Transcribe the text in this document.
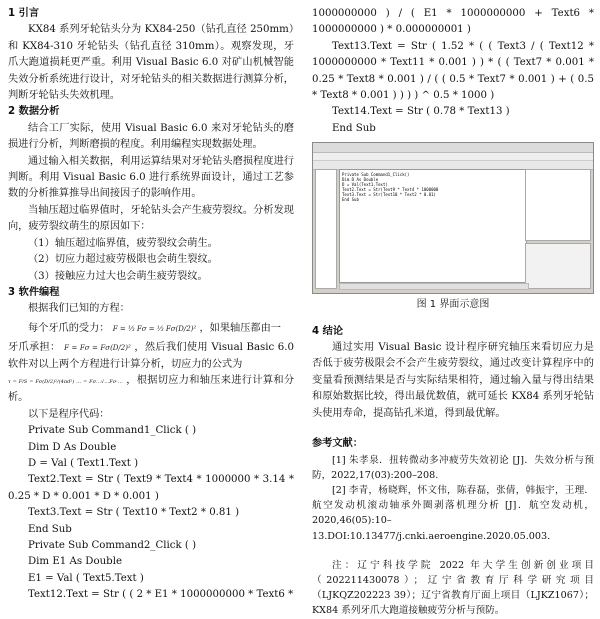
1 引言
KX84 系列牙轮钻头分为 KX84-250（钻孔直径 250mm）和 KX84-310 牙轮钻头（钻孔直径 310mm）。观察发现，牙爪大跑道损耗更严重。利用 Visual Basic 6.0 对矿山机械智能失效分析系统进行设计，对牙轮钻头的相关数据进行测算分析，判断牙轮钻头失效机理。
2 数据分析
结合工厂实际，使用 Visual Basic 6.0 来对牙轮钻头的磨损进行分析，判断磨损的程度。利用编程实现数据处理。
通过输入相关数据，利用运算结果对牙轮钻头磨损程度进行判断。利用 Visual Basic 6.0 进行系统界面设计，通过工艺参数的分析推算推导出间接因子的影响作用。
当轴压超过临界值时，牙轮钻头会产生疲劳裂纹。分析发现向，疲劳裂纹萌生的原因如下：
（1）轴压超过临界值，疲劳裂纹会萌生。
（2）切应力超过疲劳极限也会萌生裂纹。
（3）接触应力过大也会萌生疲劳裂纹。
3 软件编程
根据我们已知的方程：
每个牙爪的受力： F = ⅓ Fσ = ⅓ Fσ(D/2)² ，如果轴压都由一
牙爪承担： F = Fσ = Fσ(D/2)² ，然后我们使用 Visual Basic 6.0 软件对以上两个方程进行计算分析，切应力的公式为
τ = F/S = Fσ(D/2)²/(4πd²) … = Fσ…√…Fσ·… ，根据切应力和轴压来进行计算和分析。
以下是程序代码：
Private Sub Command1_Click ( )
Dim D As Double
D = Val ( Text1.Text )
Text2.Text = Str ( Text9 * Text4 * 1000000 * 3.14 * 0.25 * D * 0.001 * D * 0.001 )
Text3.Text = Str ( Text10 * Text2 * 0.81 )
End Sub
Private Sub Command2_Click ( )
Dim E1 As Double
E1 = Val ( Text5.Text )
Text12.Text = Str ( ( 2 * E1 * 1000000000 * Text6 *
1000000000 ) / ( E1 * 1000000000 + Text6 * 1000000000 ) * 0.000000001 )
Text13.Text = Str ( 1.52 * ( ( Text3 / ( Text12 * 1000000000 * Text11 * 0.001 ) ) * ( ( Text7 * 0.001 * 0.25 * Text8 * 0.001 ) / ( ( 0.5 * Text7 * 0.001 ) + ( 0.5 * Text8 * 0.001 ) ) ) ) ^ 0.5 * 1000 )
Text14.Text = Str ( 0.78 * Text13 )
End Sub
Private Sub Command1_Click()
Dim D As Double
D = Val(Text1.Text)
Text2.Text = Str(Text9 * Text4 * 1000000
Text3.Text = Str(Text10 * Text2 * 0.81)
End Sub
图 1 界面示意图
4 结论
通过实用 Visual Basic 设计程序研究轴压来看切应力是否低于疲劳极限会不会产生疲劳裂纹，通过改变计算程序中的变量看预测结果是否与实际结果相符，通过输入量与得出结果和原始数据比较，得出最优数值，就可延长 KX84 系列牙轮钻头使用寿命，提高钻孔米道，得到最优解。
参考文献：
[1] 朱孝泉．扭转微动多冲疲劳失效初论 [J]．失效分析与预防，2022,17(03):200–208.
[2] 李青，杨晓辉，怀文伟，陈春磊，张倩，韩振宇，王理．航空发动机滚动轴承外圈剥落机理分析 [J]．航空发动机，2020,46(05):10–13.DOI:10.13477/j.cnki.aeroengine.2020.05.003.
注：辽宁科技学院 2022 年大学生创新创业项目（202211430078）；辽宁省教育厅科学研究项目（LJKQZ202223 39）；辽宁省教育厅面上项目（LJKZ1067）；KX84 系列牙爪大跑道接触疲劳分析与预防。
